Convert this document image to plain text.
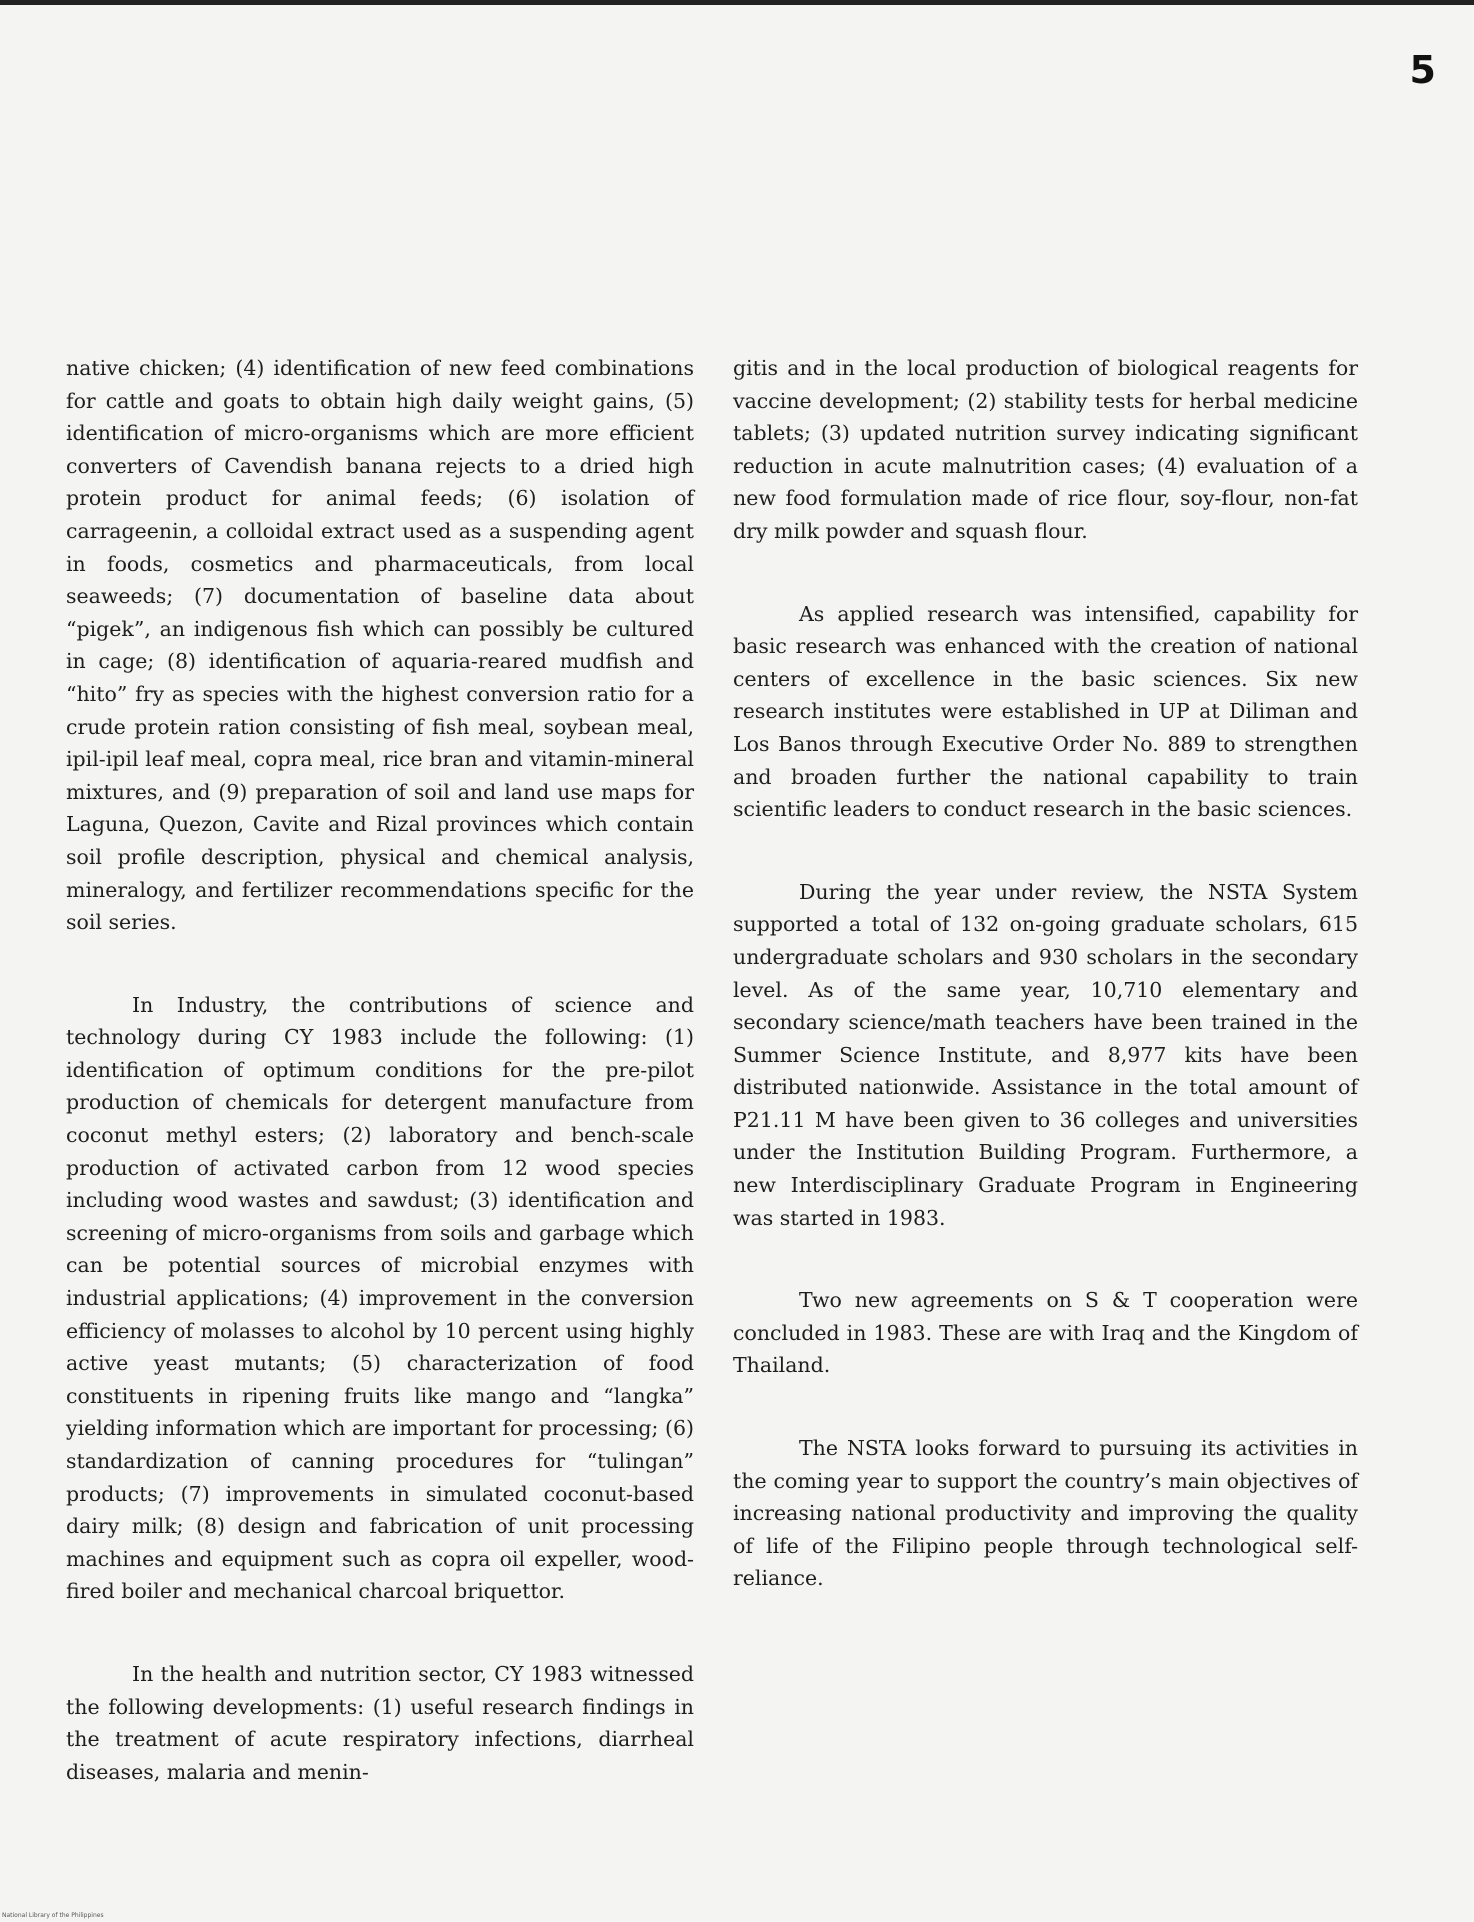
5

native chicken; (4) identification of new feed combinations for cattle and goats to obtain high daily weight gains, (5) identification of micro-organisms which are more efficient converters of Cavendish banana rejects to a dried high protein product for animal feeds; (6) isolation of carrageenin, a colloidal extract used as a suspending agent in foods, cosmetics and pharmaceuticals, from local seaweeds; (7) documentation of baseline data about “pigek”, an indigenous fish which can possibly be cultured in cage; (8) identification of aquaria-reared mudfish and “hito” fry as species with the highest conversion ratio for a crude protein ration consisting of fish meal, soybean meal, ipil-ipil leaf meal, copra meal, rice bran and vitamin-mineral mixtures, and (9) preparation of soil and land use maps for Laguna, Quezon, Cavite and Rizal provinces which contain soil profile description, physical and chemical analysis, mineralogy, and fertilizer recommendations specific for the soil series.

In Industry, the contributions of science and technology during CY 1983 include the following: (1) identification of optimum conditions for the pre-pilot production of chemicals for detergent manufacture from coconut methyl esters; (2) laboratory and bench-scale production of activated carbon from 12 wood species including wood wastes and sawdust; (3) identification and screening of micro-organisms from soils and garbage which can be potential sources of microbial enzymes with industrial applications; (4) improvement in the conversion efficiency of molasses to alcohol by 10 percent using highly active yeast mutants; (5) characterization of food constituents in ripening fruits like mango and “langka” yielding information which are important for processing; (6) standardization of canning procedures for “tulingan” products; (7) improvements in simulated coconut-based dairy milk; (8) design and fabrication of unit processing machines and equipment such as copra oil expeller, wood-fired boiler and mechanical charcoal briquettor.

In the health and nutrition sector, CY 1983 witnessed the following developments: (1) useful research findings in the treatment of acute respiratory infections, diarrheal diseases, malaria and menin-

gitis and in the local production of biological reagents for vaccine development; (2) stability tests for herbal medicine tablets; (3) updated nutrition survey indicating significant reduction in acute malnutrition cases; (4) evaluation of a new food formulation made of rice flour, soy-flour, non-fat dry milk powder and squash flour.

As applied research was intensified, capability for basic research was enhanced with the creation of national centers of excellence in the basic sciences. Six new research institutes were established in UP at Diliman and Los Banos through Executive Order No. 889 to strengthen and broaden further the national capability to train scientific leaders to conduct research in the basic sciences.

During the year under review, the NSTA System supported a total of 132 on-going graduate scholars, 615 undergraduate scholars and 930 scholars in the secondary level. As of the same year, 10,710 elementary and secondary science/math teachers have been trained in the Summer Science Institute, and 8,977 kits have been distributed nationwide. Assistance in the total amount of P21.11 M have been given to 36 colleges and universities under the Institution Building Program. Furthermore, a new Interdisciplinary Graduate Program in Engineering was started in 1983.

Two new agreements on S & T cooperation were concluded in 1983. These are with Iraq and the Kingdom of Thailand.

The NSTA looks forward to pursuing its activities in the coming year to support the country’s main objectives of increasing national productivity and improving the quality of life of the Filipino people through technological self-reliance.

National Library of the Philippines
